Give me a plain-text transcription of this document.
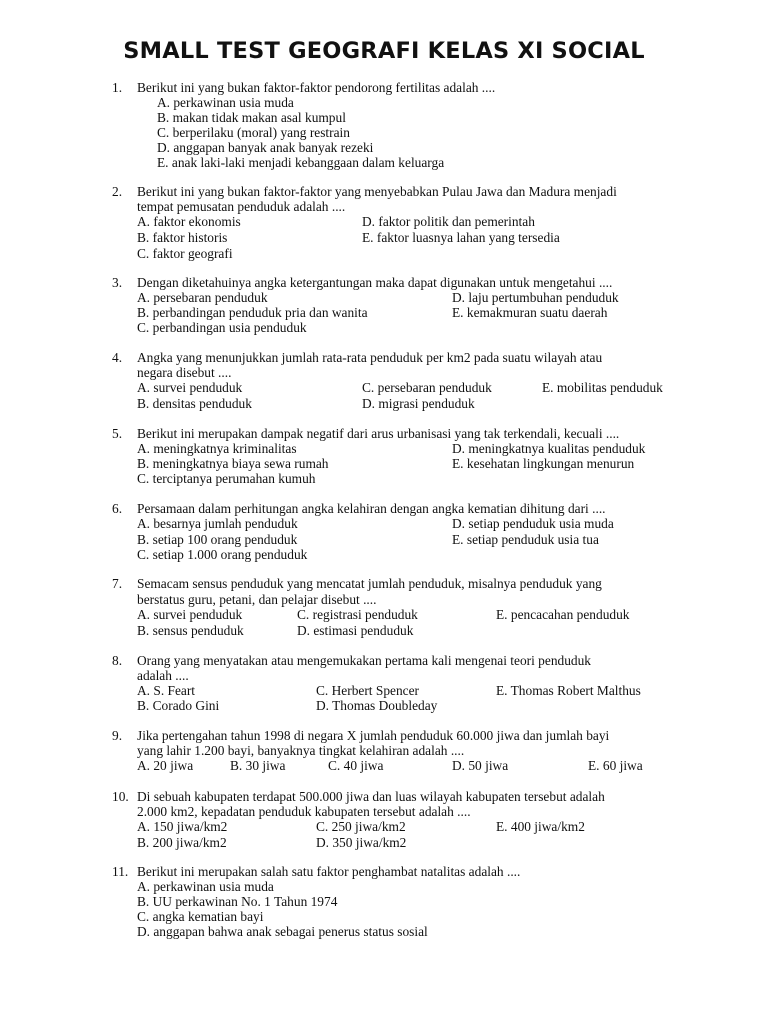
SMALL TEST GEOGRAFI KELAS XI SOCIAL
1. Berikut ini yang bukan faktor-faktor pendorong fertilitas adalah ....
A. perkawinan usia muda
B. makan tidak makan asal kumpul
C. berperilaku (moral) yang restrain
D. anggapan banyak anak banyak rezeki
E. anak laki-laki menjadi kebanggaan dalam keluarga
2. Berikut ini yang bukan faktor-faktor yang menyebabkan Pulau Jawa dan Madura menjadi
tempat pemusatan penduduk adalah ....
A. faktor ekonomis	D. faktor politik dan pemerintah
B. faktor historis	E. faktor luasnya lahan yang tersedia
C. faktor geografi
3. Dengan diketahuinya angka ketergantungan maka dapat digunakan untuk mengetahui ....
A. persebaran penduduk	D. laju pertumbuhan penduduk
B. perbandingan penduduk pria dan wanita	E. kemakmuran suatu daerah
C. perbandingan usia penduduk
4. Angka yang menunjukkan jumlah rata-rata penduduk per km2 pada suatu wilayah atau
negara disebut ....
A. survei penduduk	C. persebaran penduduk	E. mobilitas penduduk
B. densitas penduduk	D. migrasi penduduk
5. Berikut ini merupakan dampak negatif dari arus urbanisasi yang tak terkendali, kecuali ....
A. meningkatnya kriminalitas	D. meningkatnya kualitas penduduk
B. meningkatnya biaya sewa rumah	E. kesehatan lingkungan menurun
C. terciptanya perumahan kumuh
6. Persamaan dalam perhitungan angka kelahiran dengan angka kematian dihitung dari ....
A. besarnya jumlah penduduk	D. setiap penduduk usia muda
B. setiap 100 orang penduduk	E. setiap penduduk usia tua
C. setiap 1.000 orang penduduk
7. Semacam sensus penduduk yang mencatat jumlah penduduk, misalnya penduduk yang
berstatus guru, petani, dan pelajar disebut ....
A. survei penduduk	C. registrasi penduduk	E. pencacahan penduduk
B. sensus penduduk	D. estimasi penduduk
8. Orang yang menyatakan atau mengemukakan pertama kali mengenai teori penduduk
adalah ....
A. S. Feart	C. Herbert Spencer	E. Thomas Robert Malthus
B. Corado Gini	D. Thomas Doubleday
9. Jika pertengahan tahun 1998 di negara X jumlah penduduk 60.000 jiwa dan jumlah bayi
yang lahir 1.200 bayi, banyaknya tingkat kelahiran adalah ....
A. 20 jiwa	B. 30 jiwa	C. 40 jiwa	D. 50 jiwa	E. 60 jiwa
10. Di sebuah kabupaten terdapat 500.000 jiwa dan luas wilayah kabupaten tersebut adalah
2.000 km2, kepadatan penduduk kabupaten tersebut adalah ....
A. 150 jiwa/km2	C. 250 jiwa/km2	E. 400 jiwa/km2
B. 200 jiwa/km2	D. 350 jiwa/km2
11. Berikut ini merupakan salah satu faktor penghambat natalitas adalah ....
A. perkawinan usia muda
B. UU perkawinan No. 1 Tahun 1974
C. angka kematian bayi
D. anggapan bahwa anak sebagai penerus status sosial
